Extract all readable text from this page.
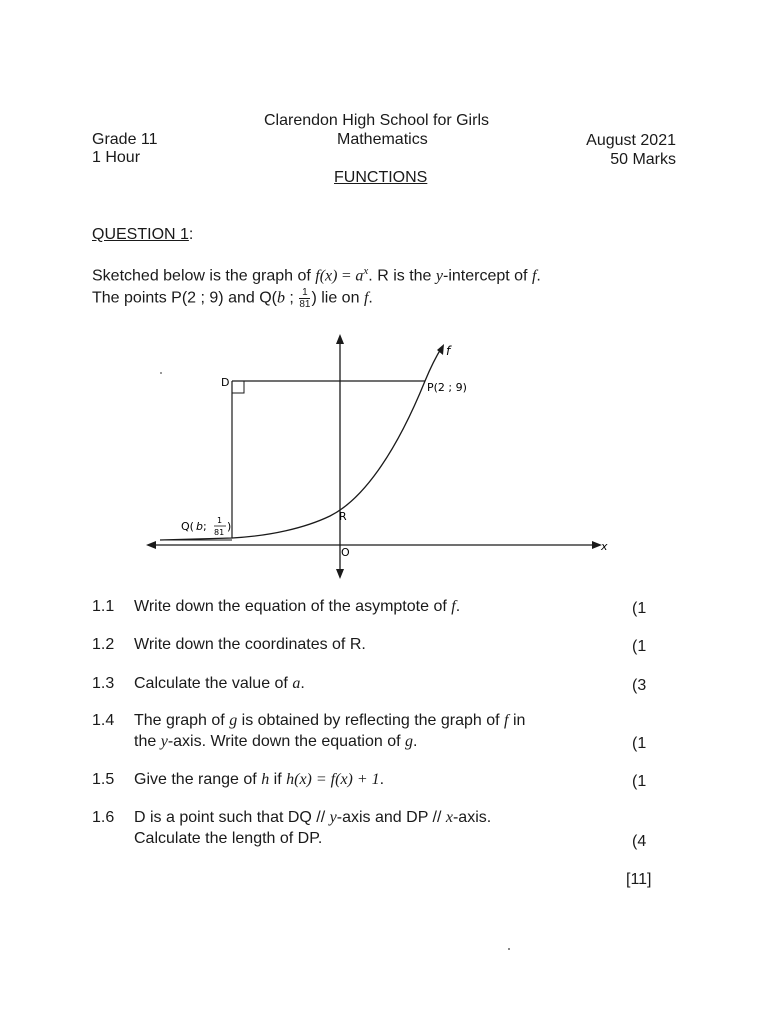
Clarendon High School for Girls
Mathematics
Grade 11
1 Hour
August 2021
50 Marks
FUNCTIONS
QUESTION 1:
Sketched below is the graph of $f(x) = a^x$. R is the y-intercept of f.
The points P(2 ; 9) and Q(b ; $\frac{1}{81}$ ) lie on f.
f
P(2 ; 9)
D
R
O	x
Q( b ; 1
81 )
1.1 Write down the equation of the asymptote of f.	(1
1.2 Write down the coordinates of R.	(1
1.3 Calculate the value of a.	(3
1.4 The graph of g is obtained by reflecting the graph of f in
the y-axis. Write down the equation of g.	(1
1.5 Give the range of h if h(x) = f(x) + 1.	(1
1.6 D is a point such that DQ // y-axis and DP // x-axis.
Calculate the length of DP.	(4
[11]
